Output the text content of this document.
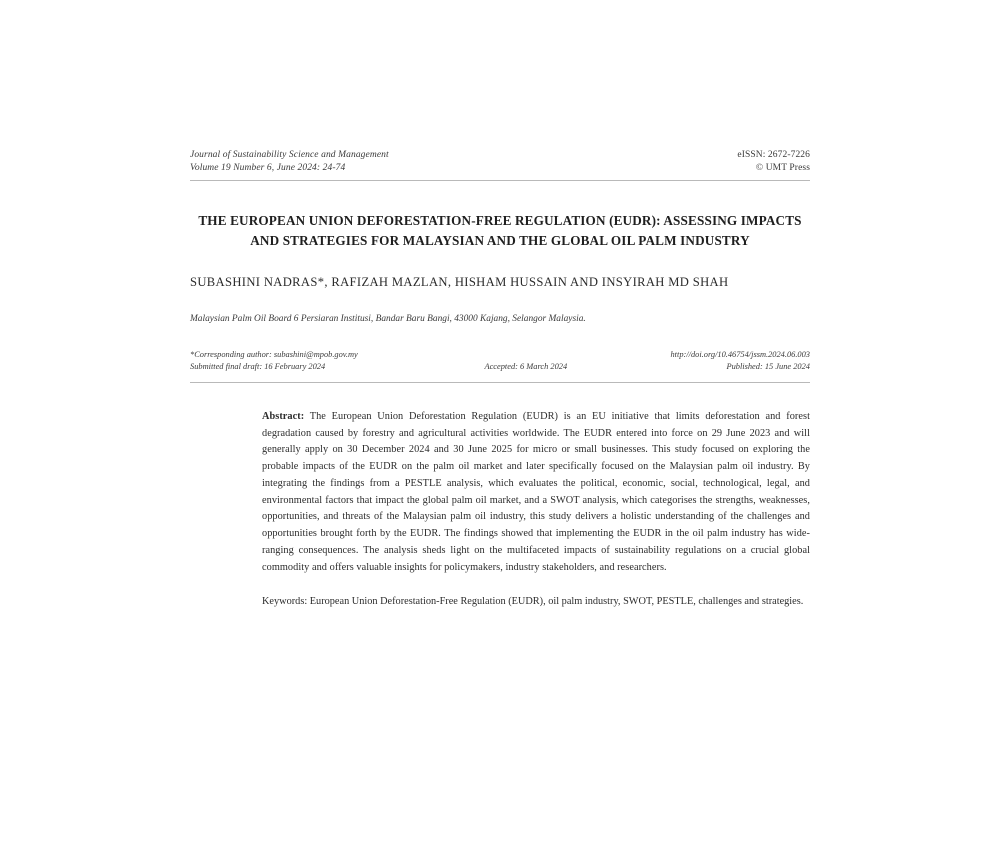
Journal of Sustainability Science and Management	eISSN: 2672-7226
Volume 19 Number 6, June 2024: 24-74	© UMT Press
THE EUROPEAN UNION DEFORESTATION-FREE REGULATION (EUDR): ASSESSING IMPACTS AND STRATEGIES FOR MALAYSIAN AND THE GLOBAL OIL PALM INDUSTRY
SUBASHINI NADRAS*, RAFIZAH MAZLAN, HISHAM HUSSAIN AND INSYIRAH MD SHAH
Malaysian Palm Oil Board 6 Persiaran Institusi, Bandar Baru Bangi, 43000 Kajang, Selangor Malaysia.
*Corresponding author: subashini@mpob.gov.my	http://doi.org/10.46754/jssm.2024.06.003
Submitted final draft: 16 February 2024	Accepted: 6 March 2024	Published: 15 June 2024

Abstract: The European Union Deforestation Regulation (EUDR) is an EU initiative that limits deforestation and forest degradation caused by forestry and agricultural activities worldwide. The EUDR entered into force on 29 June 2023 and will generally apply on 30 December 2024 and 30 June 2025 for micro or small businesses. This study focused on exploring the probable impacts of the EUDR on the palm oil market and later specifically focused on the Malaysian palm oil industry. By integrating the findings from a PESTLE analysis, which evaluates the political, economic, social, technological, legal, and environmental factors that impact the global palm oil market, and a SWOT analysis, which categorises the strengths, weaknesses, opportunities, and threats of the Malaysian palm oil industry, this study delivers a holistic understanding of the challenges and opportunities brought forth by the EUDR. The findings showed that implementing the EUDR in the oil palm industry has wide-ranging consequences. The analysis sheds light on the multifaceted impacts of sustainability regulations on a crucial global commodity and offers valuable insights for policymakers, industry stakeholders, and researchers.

Keywords: European Union Deforestation-Free Regulation (EUDR), oil palm industry, SWOT, PESTLE, challenges and strategies.
